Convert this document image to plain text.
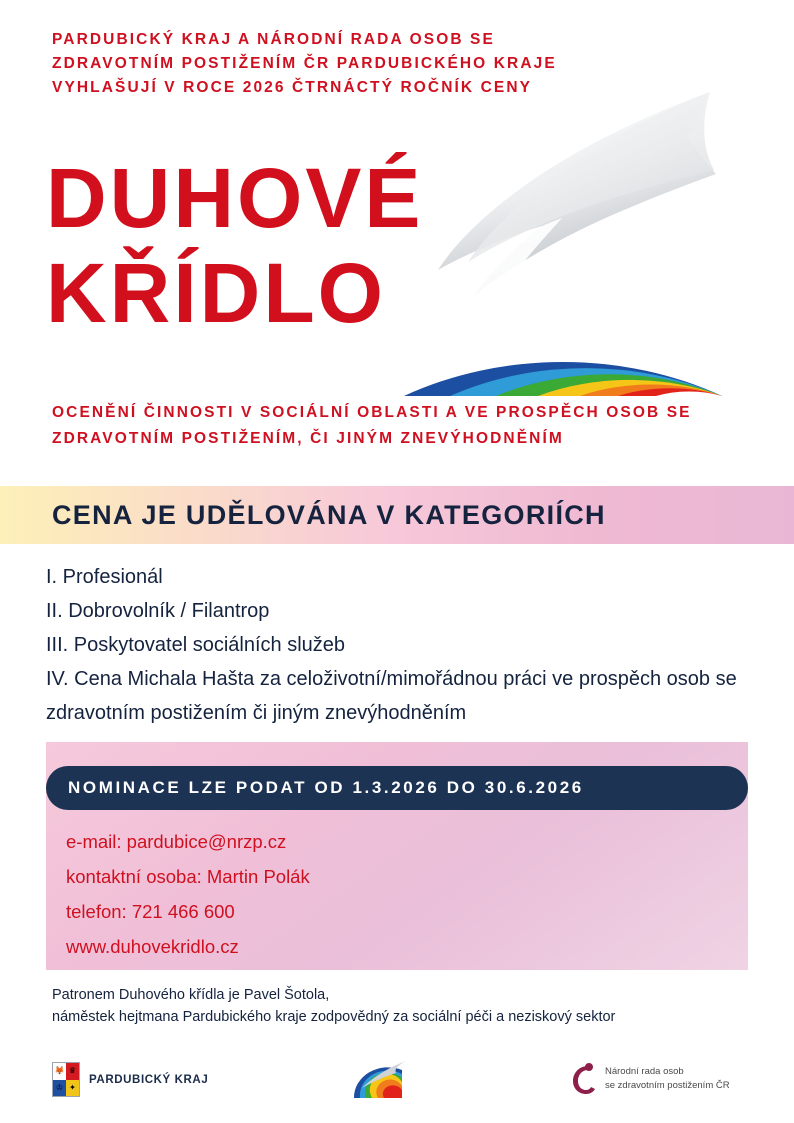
PARDUBICKÝ KRAJ A NÁRODNÍ RADA OSOB SE ZDRAVOTNÍM POSTIŽENÍM ČR PARDUBICKÉHO KRAJE VYHLAŠUJÍ V ROCE 2026 ČTRNÁCTÝ ROČNÍK CENY
DUHOVÉ
KŘÍDLO
OCENĚNÍ ČINNOSTI V SOCIÁLNÍ OBLASTI A VE PROSPĚCH OSOB SE ZDRAVOTNÍM POSTIŽENÍM, ČI JINÝM ZNEVÝHODNĚNÍM
CENA JE UDĚLOVÁNA V KATEGORIÍCH
I. Profesionál
II. Dobrovolník / Filantrop
III. Poskytovatel sociálních služeb
IV. Cena Michala Hašta za celoživotní/mimořádnou práci ve prospěch osob se zdravotním postižením či jiným znevýhodněním
NOMINACE LZE PODAT OD 1.3.2026 DO 30.6.2026
e-mail: pardubice@nrzp.cz
kontaktní osoba: Martin Polák
telefon: 721 466 600
www.duhovekridlo.cz
Patronem Duhového křídla je Pavel Šotola,
náměstek hejtmana Pardubického kraje zodpovědný za sociální péči a neziskový sektor
🦊 ♛
♔ ✦
PARDUBICKÝ KRAJ
Národní rada osob
se zdravotním postižením ČR
